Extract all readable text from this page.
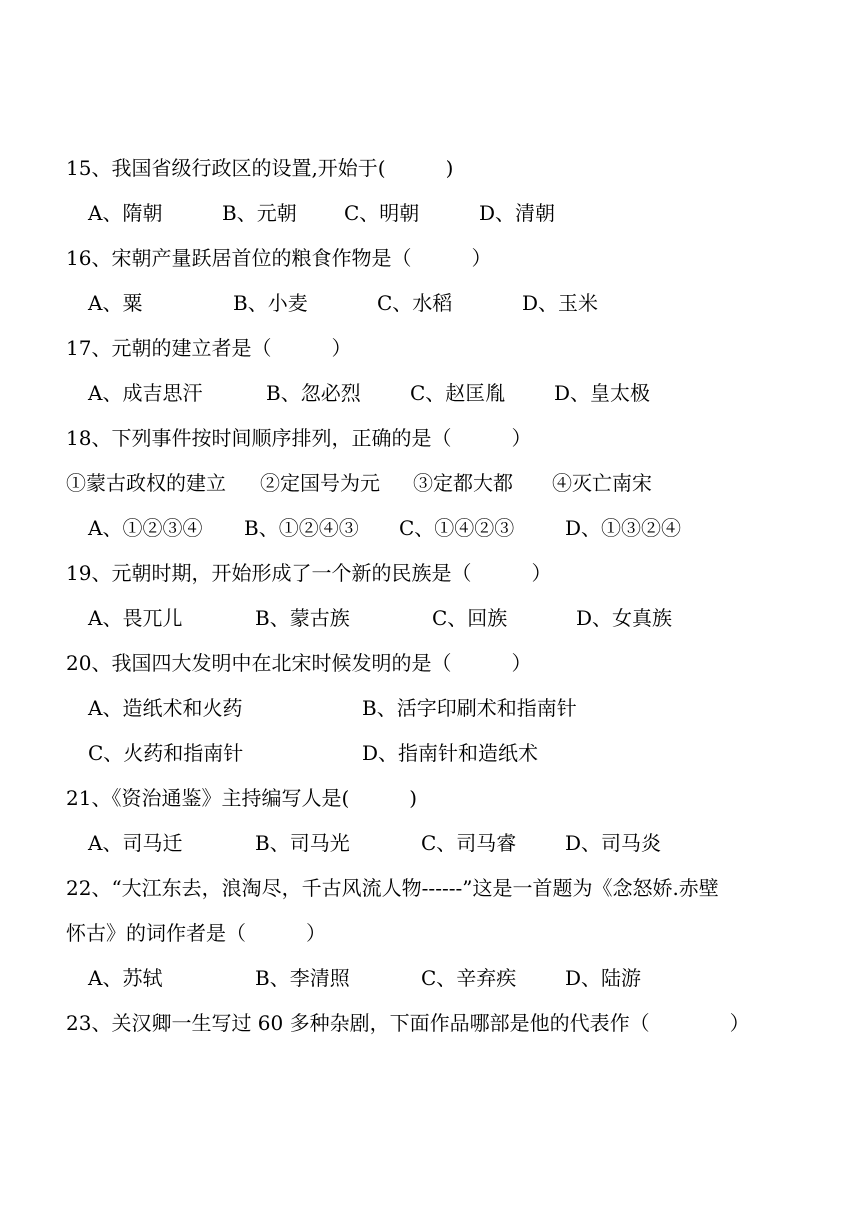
15、我国省级行政区的设置,开始于(　　　)
A、隋朝	B、元朝 C、明朝	D、清朝
16、宋朝产量跃居首位的粮食作物是（　　　）
A、粟	B、小麦	C、水稻	D、玉米
17、元朝的建立者是（　　　）
A、成吉思汗	B、忽必烈 C、赵匡胤 D、皇太极
18、下列事件按时间顺序排列，正确的是（　　　）
①蒙古政权的建立 ②定国号为元 ③定都大都 ④灭亡南宋
A、①②③④ B、①②④③ C、①④②③	D、①③②④
19、元朝时期，开始形成了一个新的民族是（　　　）
A、畏兀儿	B、蒙古族	C、回族	D、女真族
20、我国四大发明中在北宋时候发明的是（　　　）
A、造纸术和火药	B、活字印刷术和指南针
C、火药和指南针	D、指南针和造纸术
21、《资治通鉴》主持编写人是(　　　)
A、司马迁	B、司马光	C、司马睿 D、司马炎
22、“大江东去，浪淘尽，千古风流人物------”这是一首题为《念怒娇.赤壁
怀古》的词作者是（　　　）
A、苏轼	B、李清照	C、辛弃疾 D、陆游
23、关汉卿一生写过 60 多种杂剧，下面作品哪部是他的代表作（　　　　）
